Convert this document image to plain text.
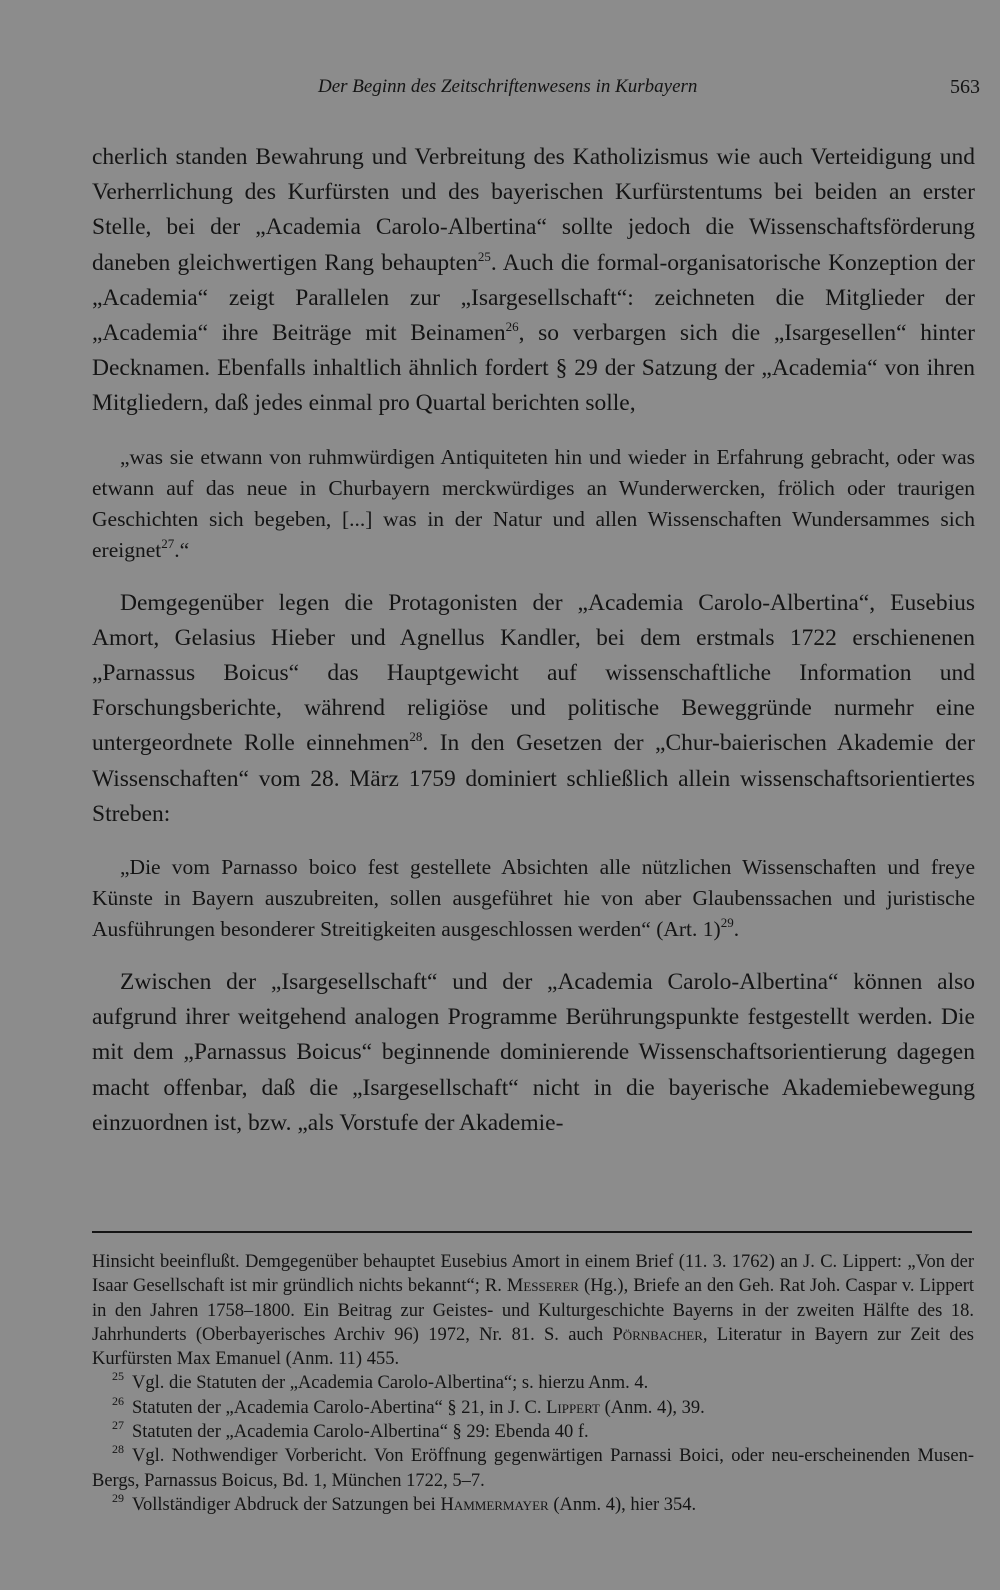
Der Beginn des Zeitschriftenwesens in Kurbayern	563

cherlich standen Bewahrung und Verbreitung des Katholizismus wie auch Verteidigung und Verherrlichung des Kurfürsten und des bayerischen Kurfürstentums bei beiden an erster Stelle, bei der „Academia Carolo-Albertina“ sollte jedoch die Wissenschaftsförderung daneben gleichwertigen Rang behaupten$^{25}$. Auch die formal-organisatorische Konzeption der „Academia“ zeigt Parallelen zur „Isargesellschaft“: zeichneten die Mitglieder der „Academia“ ihre Beiträge mit Beinamen$^{26}$, so verbargen sich die „Isargesellen“ hinter Decknamen. Ebenfalls inhaltlich ähnlich fordert § 29 der Satzung der „Academia“ von ihren Mitgliedern, daß jedes einmal pro Quartal berichten solle,

„was sie etwann von ruhmwürdigen Antiquiteten hin und wieder in Erfahrung gebracht, oder was etwann auf das neue in Churbayern merckwürdiges an Wunderwercken, frölich oder traurigen Geschichten sich begeben, [...] was in der Natur und allen Wissenschaften Wundersammes sich ereignet$^{27}$.“

Demgegenüber legen die Protagonisten der „Academia Carolo-Albertina“, Eusebius Amort, Gelasius Hieber und Agnellus Kandler, bei dem erstmals 1722 erschienenen „Parnassus Boicus“ das Hauptgewicht auf wissenschaftliche Information und Forschungsberichte, während religiöse und politische Beweggründe nurmehr eine untergeordnete Rolle einnehmen$^{28}$. In den Gesetzen der „Chur-baierischen Akademie der Wissenschaften“ vom 28. März 1759 dominiert schließlich allein wissenschaftsorientiertes Streben:

„Die vom Parnasso boico fest gestellete Absichten alle nützlichen Wissenschaften und freye Künste in Bayern auszubreiten, sollen ausgeführet hie von aber Glaubenssachen und juristische Ausführungen besonderer Streitigkeiten ausgeschlossen werden“ (Art. 1)$^{29}$.

Zwischen der „Isargesellschaft“ und der „Academia Carolo-Albertina“ können also aufgrund ihrer weitgehend analogen Programme Berührungspunkte festgestellt werden. Die mit dem „Parnassus Boicus“ beginnende dominierende Wissenschaftsorientierung dagegen macht offenbar, daß die „Isargesellschaft“ nicht in die bayerische Akademiebewegung einzuordnen ist, bzw. „als Vorstufe der Akademie-

Hinsicht beeinflußt. Demgegenüber behauptet Eusebius Amort in einem Brief (11. 3. 1762) an J. C. Lippert: „Von der Isaar Gesellschaft ist mir gründlich nichts bekannt“; R. Messerer (Hg.), Briefe an den Geh. Rat Joh. Caspar v. Lippert in den Jahren 1758–1800. Ein Beitrag zur Geistes- und Kulturgeschichte Bayerns in der zweiten Hälfte des 18. Jahrhunderts (Oberbayerisches Archiv 96) 1972, Nr. 81. S. auch Pörnbacher, Literatur in Bayern zur Zeit des Kurfürsten Max Emanuel (Anm. 11) 455.

$^{25}$ Vgl. die Statuten der „Academia Carolo-Albertina“; s. hierzu Anm. 4.

$^{26}$ Statuten der „Academia Carolo-Abertina“ § 21, in J. C. Lippert (Anm. 4), 39.

$^{27}$ Statuten der „Academia Carolo-Albertina“ § 29: Ebenda 40 f.

$^{28}$ Vgl. Nothwendiger Vorbericht. Von Eröffnung gegenwärtigen Parnassi Boici, oder neu-erscheinenden Musen-Bergs, Parnassus Boicus, Bd. 1, München 1722, 5–7.

$^{29}$ Vollständiger Abdruck der Satzungen bei Hammermayer (Anm. 4), hier 354.
